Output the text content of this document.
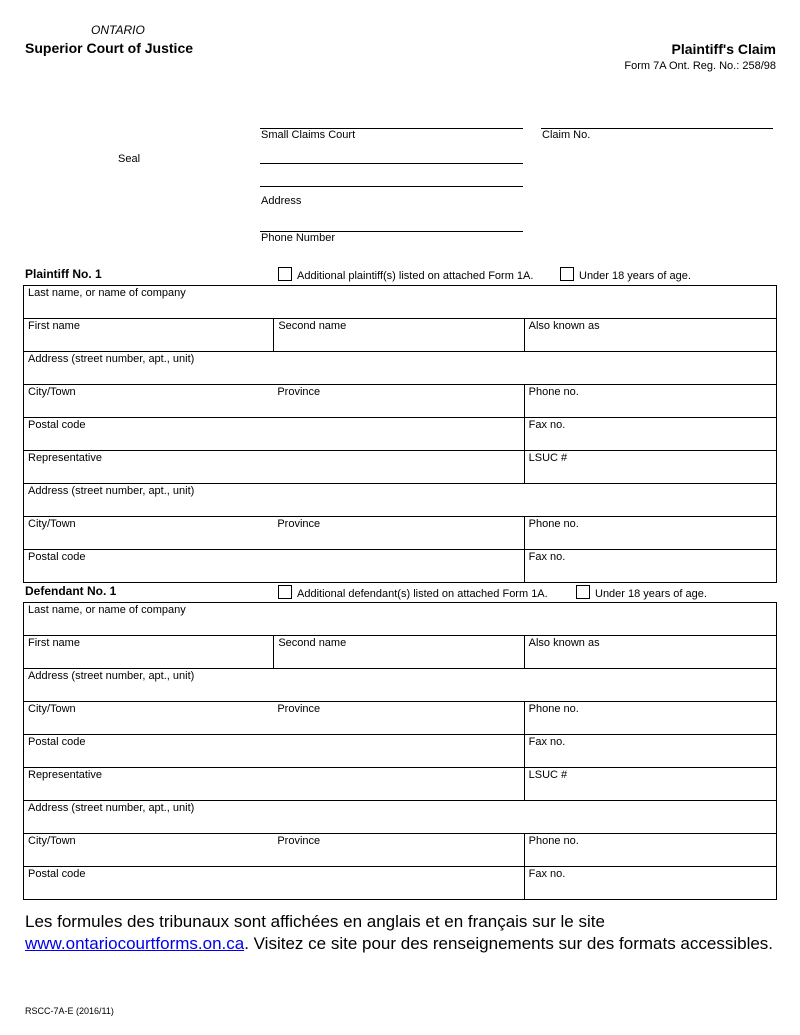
ONTARIO
Superior Court of Justice	Plaintiff's Claim
Form 7A Ont. Reg. No.: 258/98
Seal
Small Claims Court	Claim No.
Address
Phone Number
Plaintiff No. 1	Additional plaintiff(s) listed on attached Form 1A.	Under 18 years of age.
Last name, or name of company
First name	Second name	Also known as
Address (street number, apt., unit)
City/Town	Province	Phone no.
Postal code	Fax no.
Representative	LSUC #
Address (street number, apt., unit)
City/Town	Province	Phone no.
Postal code	Fax no.
Defendant No. 1	Additional defendant(s) listed on attached Form 1A.	Under 18 years of age.
Last name, or name of company
First name	Second name	Also known as
Address (street number, apt., unit)
City/Town	Province	Phone no.
Postal code	Fax no.
Representative	LSUC #
Address (street number, apt., unit)
City/Town	Province	Phone no.
Postal code	Fax no.
Les formules des tribunaux sont affichées en anglais et en français sur le site www.ontariocourtforms.on.ca. Visitez ce site pour des renseignements sur des formats accessibles.
RSCC-7A-E (2016/11)
